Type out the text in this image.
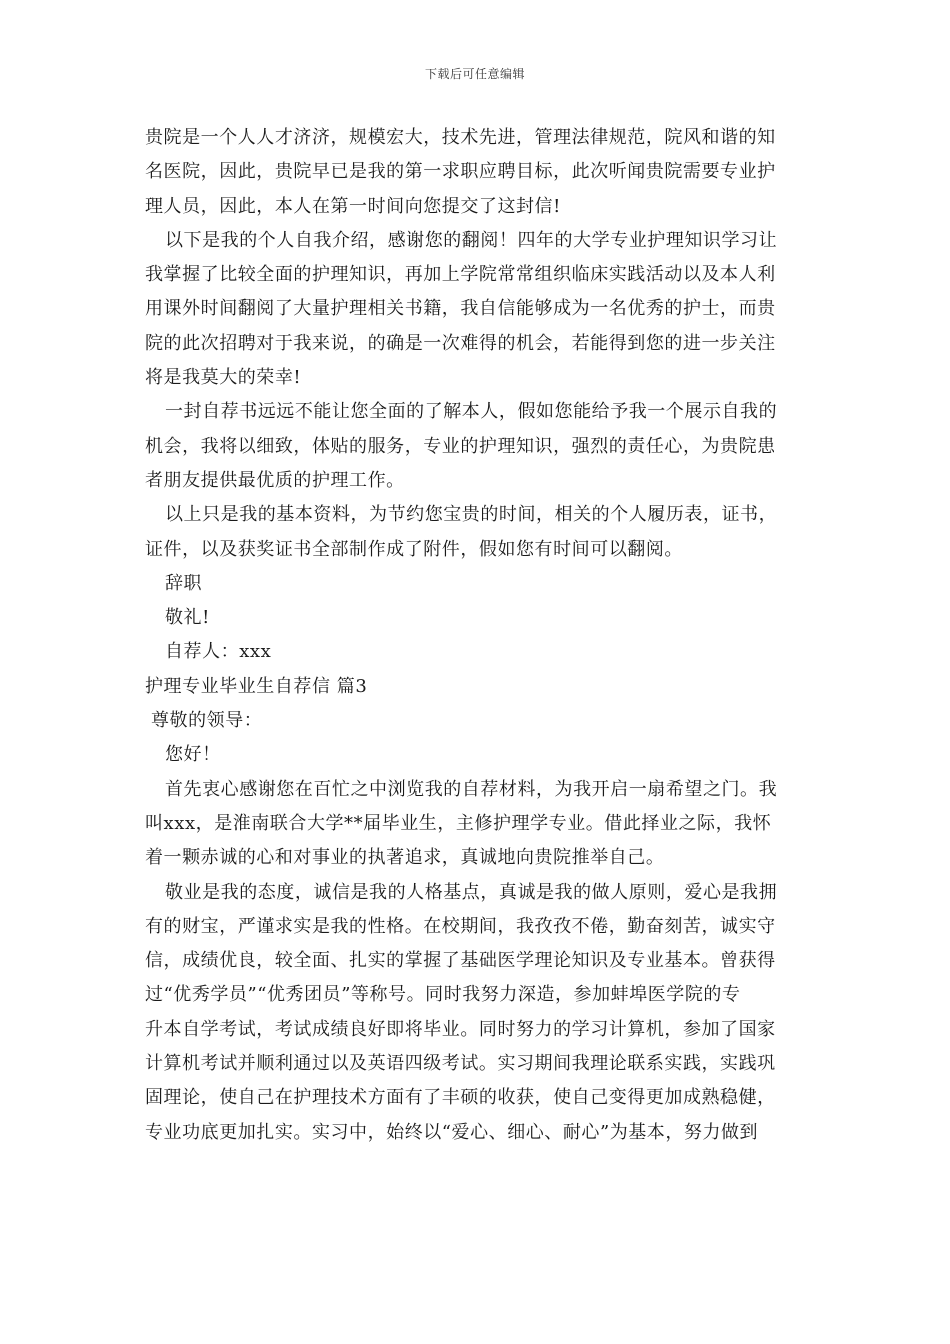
下载后可任意编辑
贵院是一个人人才济济，规模宏大，技术先进，管理法律规范，院风和谐的知
名医院，因此，贵院早已是我的第一求职应聘目标，此次听闻贵院需要专业护
理人员，因此，本人在第一时间向您提交了这封信!
以下是我的个人自我介绍，感谢您的翻阅！四年的大学专业护理知识学习让
我掌握了比较全面的护理知识，再加上学院常常组织临床实践活动以及本人利
用课外时间翻阅了大量护理相关书籍，我自信能够成为一名优秀的护士，而贵
院的此次招聘对于我来说，的确是一次难得的机会，若能得到您的进一步关注
将是我莫大的荣幸!
一封自荐书远远不能让您全面的了解本人，假如您能给予我一个展示自我的
机会，我将以细致，体贴的服务，专业的护理知识，强烈的责任心，为贵院患
者朋友提供最优质的护理工作。
以上只是我的基本资料，为节约您宝贵的时间，相关的个人履历表，证书，
证件，以及获奖证书全部制作成了附件，假如您有时间可以翻阅。
辞职
敬礼!
自荐人：xxx
护理专业毕业生自荐信 篇3
尊敬的领导：
您好！
首先衷心感谢您在百忙之中浏览我的自荐材料，为我开启一扇希望之门。我
叫xxx，是淮南联合大学**届毕业生，主修护理学专业。借此择业之际，我怀
着一颗赤诚的心和对事业的执著追求，真诚地向贵院推举自己。
敬业是我的态度，诚信是我的人格基点，真诚是我的做人原则，爱心是我拥
有的财宝，严谨求实是我的性格。在校期间，我孜孜不倦，勤奋刻苦，诚实守
信，成绩优良，较全面、扎实的掌握了基础医学理论知识及专业基本。曾获得
过“优秀学员”“优秀团员”等称号。同时我努力深造，参加蚌埠医学院的专
升本自学考试，考试成绩良好即将毕业。同时努力的学习计算机，参加了国家
计算机考试并顺利通过以及英语四级考试。实习期间我理论联系实践，实践巩
固理论，使自己在护理技术方面有了丰硕的收获，使自己变得更加成熟稳健，
专业功底更加扎实。实习中，始终以“爱心、细心、耐心”为基本，努力做到
